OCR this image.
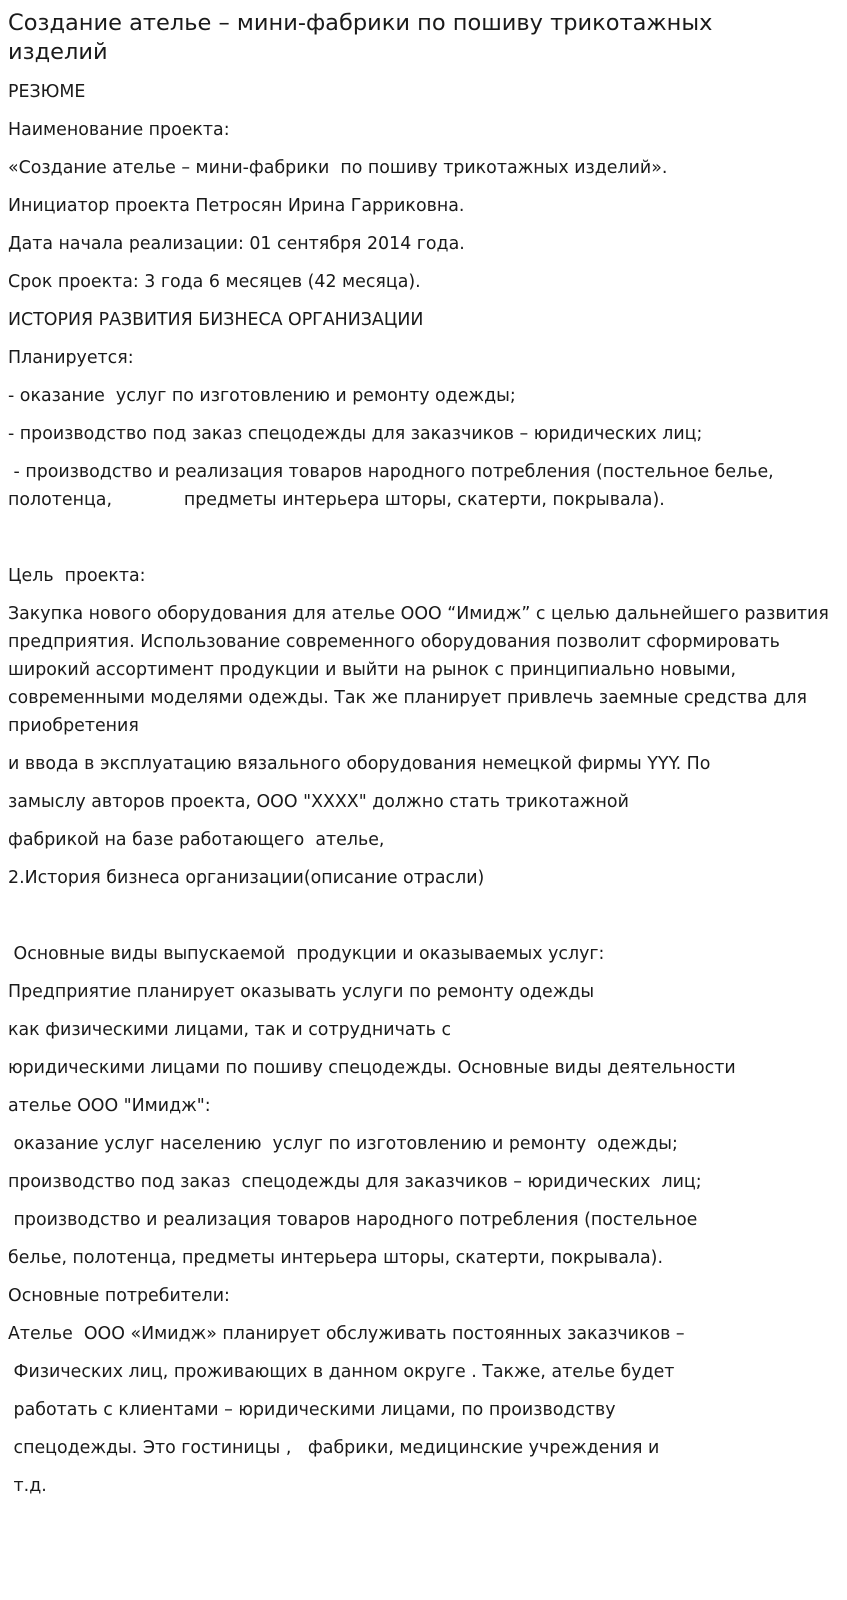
Создание ателье – мини-фабрики по пошиву трикотажных изделий

РЕЗЮМЕ

Наименование проекта:

«Создание ателье – мини-фабрики  по пошиву трикотажных изделий».

Инициатор проекта Петросян Ирина Гарриковна.

Дата начала реализации: 01 сентября 2014 года.

Срок проекта: 3 года 6 месяцев (42 месяца).

ИСТОРИЯ РАЗВИТИЯ БИЗНЕСА ОРГАНИЗАЦИИ

Планируется:

- оказание  услуг по изготовлению и ремонту одежды;

- производство под заказ спецодежды для заказчиков – юридических лиц;

- производство и реализация товаров народного потребления (постельное белье, полотенца,             предметы интерьера шторы, скатерти, покрывала).

Цель  проекта:

Закупка нового оборудования для ателье ООО “Имидж” с целью дальнейшего развития предприятия. Использование современного оборудования позволит сформировать широкий ассортимент продукции и выйти на рынок с принципиально новыми, современными моделями одежды. Так же планирует привлечь заемные средства для приобретения

и ввода в эксплуатацию вязального оборудования немецкой фирмы YYY. По

замыслу авторов проекта, ООО "XXXX" должно стать трикотажной

фабрикой на базе работающего  ателье,

2.История бизнеса организации(описание отрасли)

Основные виды выпускаемой  продукции и оказываемых услуг:

Предприятие планирует оказывать услуги по ремонту одежды

как физическими лицами, так и сотрудничать с

юридическими лицами по пошиву спецодежды. Основные виды деятельности

ателье ООО "Имидж":

оказание услуг населению  услуг по изготовлению и ремонту  одежды;

производство под заказ  спецодежды для заказчиков – юридических  лиц;

производство и реализация товаров народного потребления (постельное

белье, полотенца, предметы интерьера шторы, скатерти, покрывала).

Основные потребители:

Ателье  ООО «Имидж» планирует обслуживать постоянных заказчиков –

Физических лиц, проживающих в данном округе . Также, ателье будет

работать с клиентами – юридическими лицами, по производству

спецодежды. Это гостиницы ,   фабрики, медицинские учреждения и

т.д.
